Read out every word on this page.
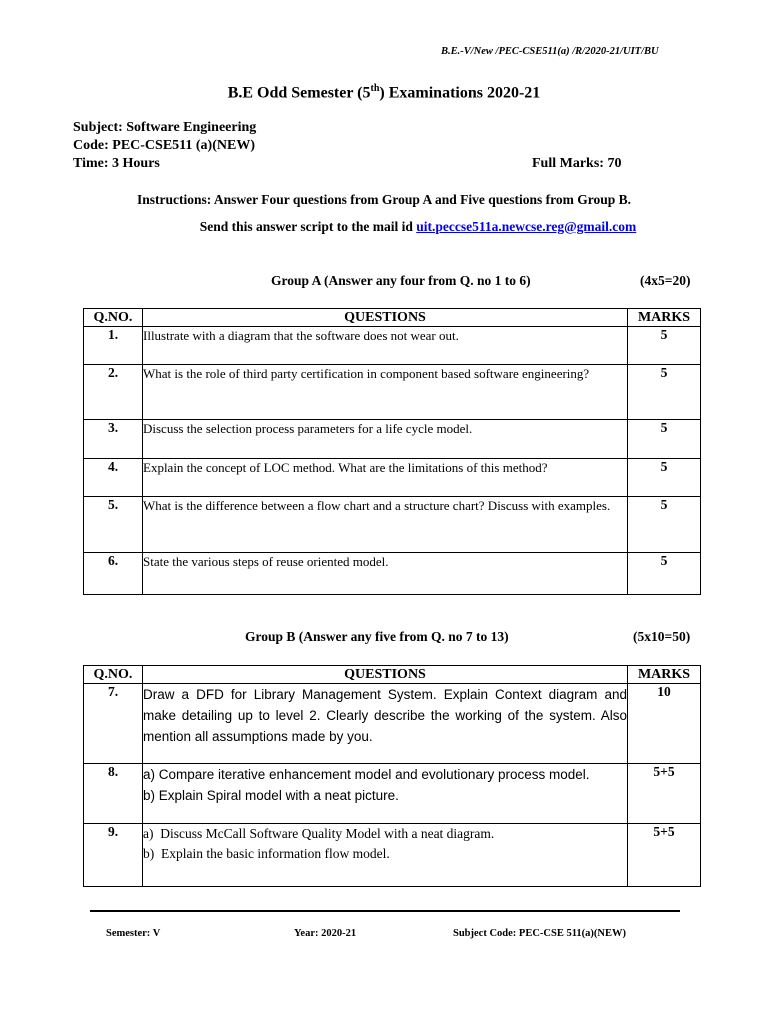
B.E.-V/New /PEC-CSE511(a) /R/2020-21/UIT/BU
B.E Odd Semester (5th) Examinations 2020-21
Subject: Software Engineering
Code: PEC-CSE511 (a)(NEW)
Time: 3 Hours	Full Marks: 70
Instructions: Answer Four questions from Group A and Five questions from Group B.
Send this answer script to the mail id uit.peccse511a.newcse.reg@gmail.com
Group A (Answer any four from Q. no 1 to 6)	(4x5=20)
Q.NO.	QUESTIONS	MARKS
1.	Illustrate with a diagram that the software does not wear out.	5
2.	What is the role of third party certification in component based software engineering?	5
3.	Discuss the selection process parameters for a life cycle model.	5
4.	Explain the concept of LOC method. What are the limitations of this method?	5
5.	What is the difference between a flow chart and a structure chart? Discuss with examples.	5
6.	State the various steps of reuse oriented model.	5
Group B (Answer any five from Q. no 7 to 13)	(5x10=50)
Q.NO.	QUESTIONS	MARKS
7.	Draw a DFD for Library Management System. Explain Context diagram and make detailing up to level 2. Clearly describe the working of the system. Also mention all assumptions made by you.	10
8.	a) Compare iterative enhancement model and evolutionary process model.
b) Explain Spiral model with a neat picture.	5+5
9.	a)  Discuss McCall Software Quality Model with a neat diagram.
b)  Explain the basic information flow model.	5+5
Semester: V	Year: 2020-21	Subject Code: PEC-CSE 511(a)(NEW)
